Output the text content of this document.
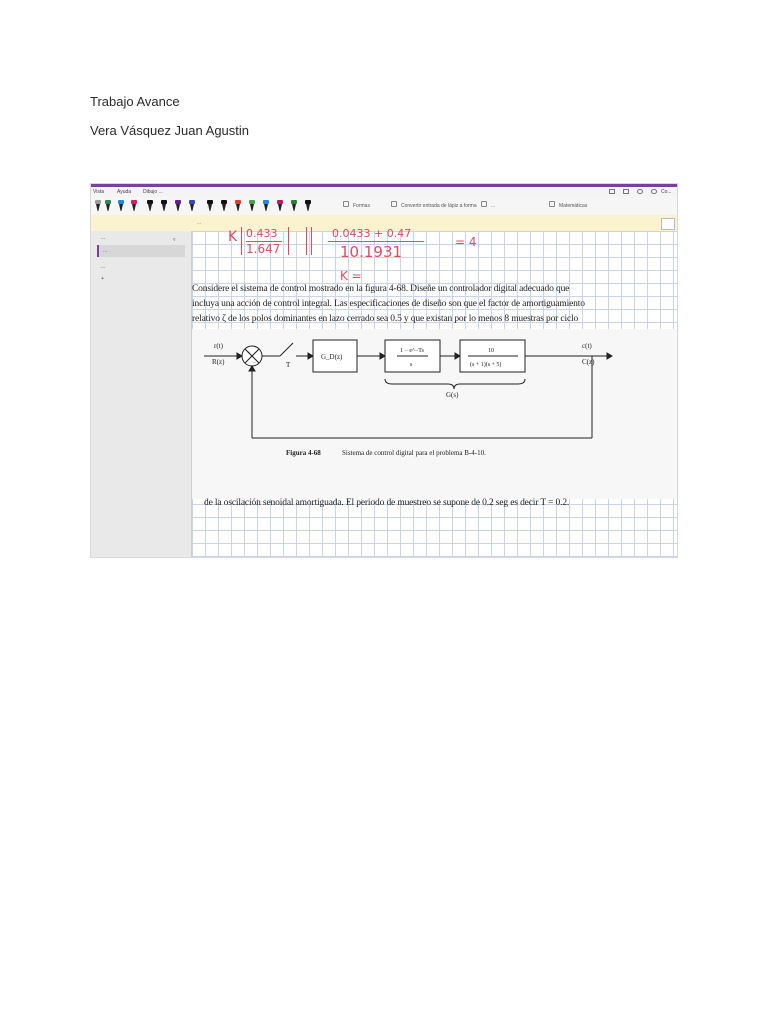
Trabajo Avance
Vera Vásquez Juan Agustin
Vista	Ayuda Dibujo ...	Co...
Formas	Convertir entrada de lápiz a forma	...	Matemáticas
...
...	▿
...
...
+
K 0.433
1.647
0.0433 + 0.47
10.1931
= 4
K =
Considere el sistema de control mostrado en la figura 4-68. Diseñe un controlador digital adecuado que
incluya una acción de control integral. Las especificaciones de diseño son que el factor de amortiguamiento
relativo ζ de los polos dominantes en lazo cerrado sea 0.5 y que existan por lo menos 8 muestras por ciclo
r(t)
R(z)
+
−	T
G_D(z)
1 − e^−Ts
s
10
(s + 1)(s + 5)
c(t)
C(z)
G(s)
Figura 4-68	Sistema de control digital para el problema B-4-10.
de la oscilación senoidal amortiguada. El periodo de muestreo se supone de 0.2 seg es decir T = 0.2.
